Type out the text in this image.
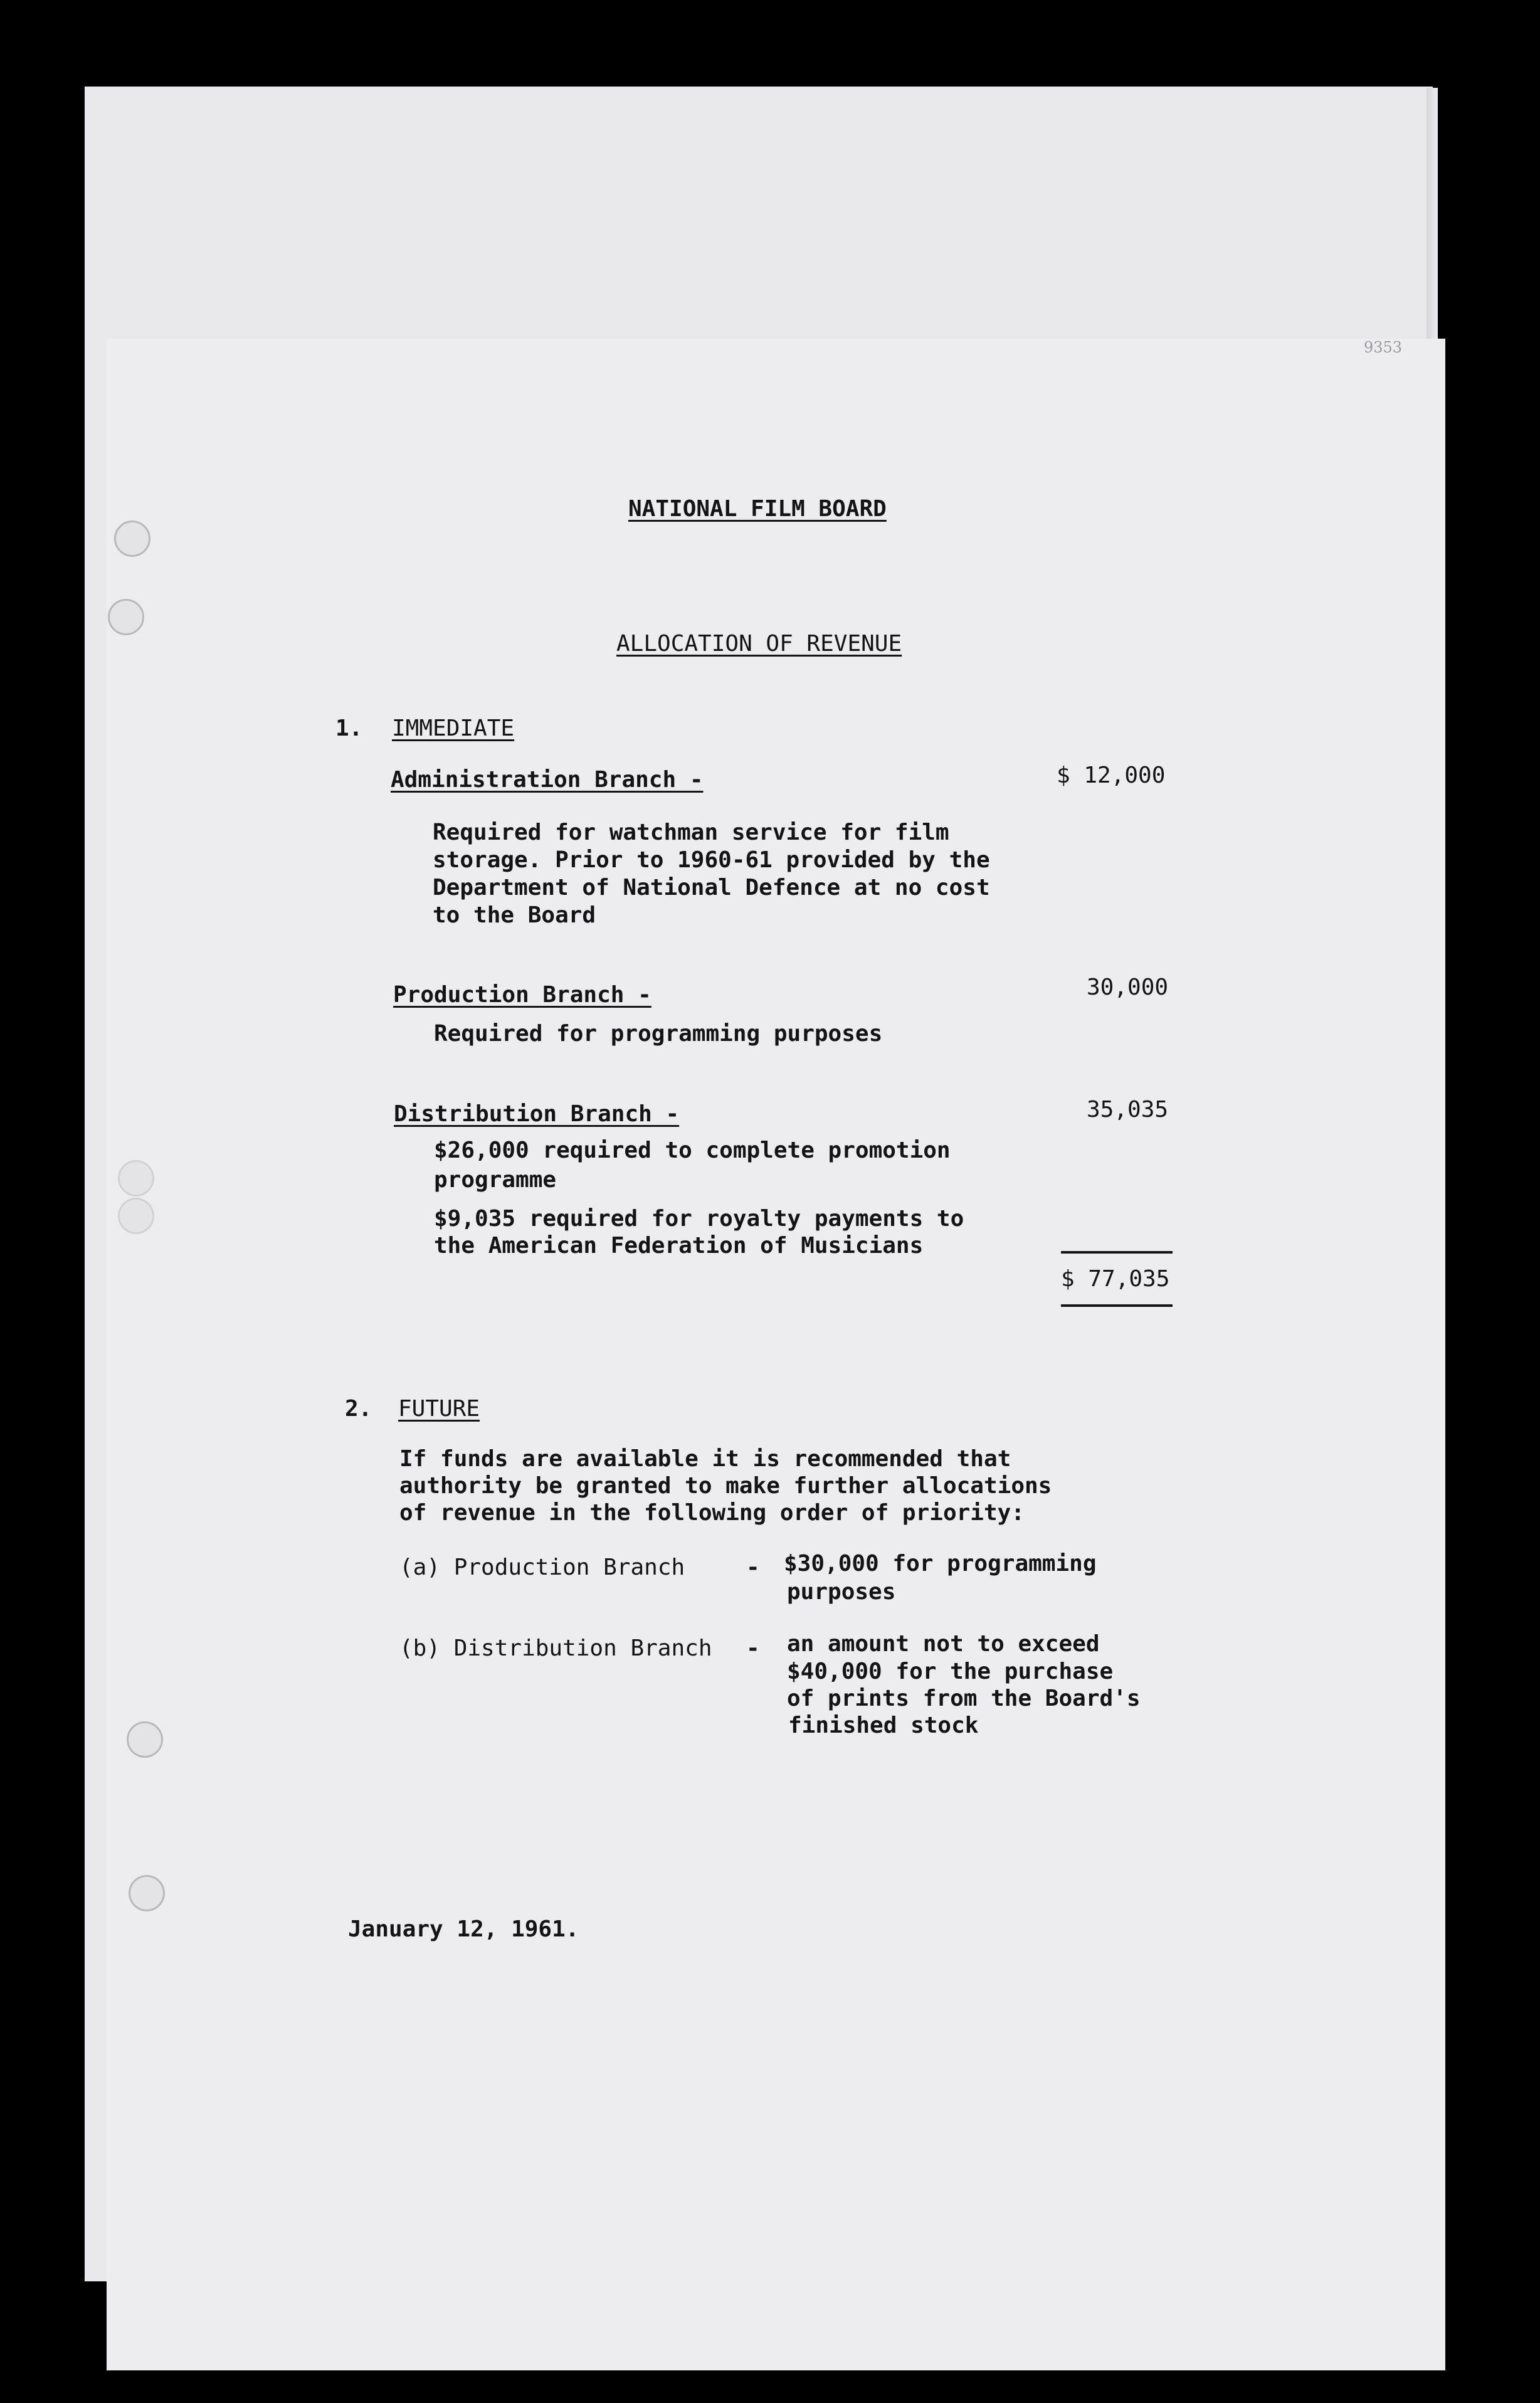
9353
NATIONAL FILM BOARD
ALLOCATION OF REVENUE
1. IMMEDIATE
Administration Branch -	$ 12,000
Required for watchman service for film
storage. Prior to 1960-61 provided by the
Department of National Defence at no cost
to the Board
Production Branch -	30,000
Required for programming purposes
Distribution Branch -	35,035
$26,000 required to complete promotion
programme
$9,035 required for royalty payments to
the American Federation of Musicians
$ 77,035
2. FUTURE
If funds are available it is recommended that
authority be granted to make further allocations
of revenue in the following order of priority:
(a) Production Branch	- $30,000 for programming
purposes
(b) Distribution Branch - an amount not to exceed
$40,000 for the purchase
of prints from the Board's
finished stock
January 12, 1961.
